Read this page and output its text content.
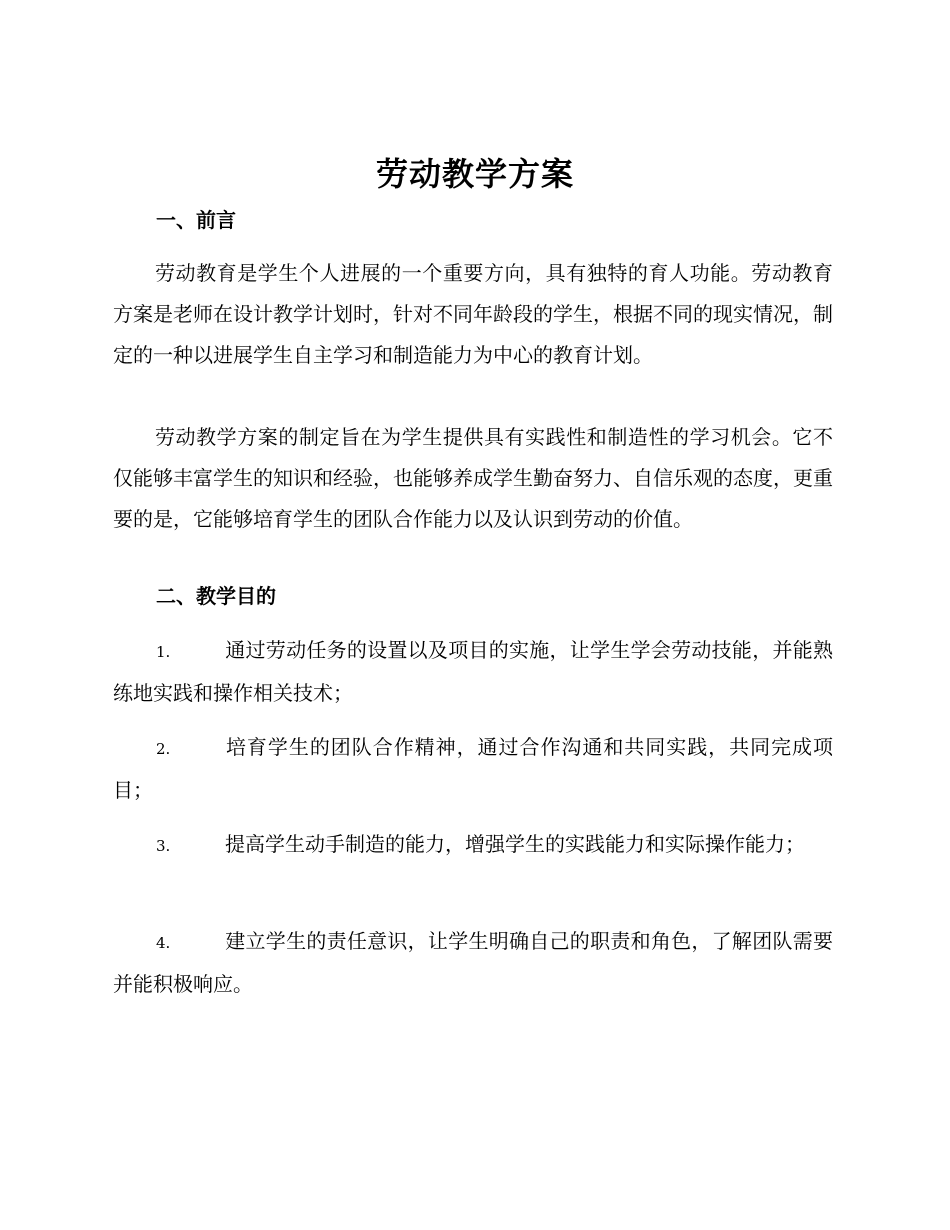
劳动教学方案
一、前言

劳动教育是学生个人进展的一个重要方向，具有独特的育人功能。劳动教育方案是老师在设计教学计划时，针对不同年龄段的学生，根据不同的现实情况，制定的一种以进展学生自主学习和制造能力为中心的教育计划。

劳动教学方案的制定旨在为学生提供具有实践性和制造性的学习机会。它不仅能够丰富学生的知识和经验，也能够养成学生勤奋努力、自信乐观的态度，更重要的是，它能够培育学生的团队合作能力以及认识到劳动的价值。

二、教学目的

1.	通过劳动任务的设置以及项目的实施，让学生学会劳动技能，并能熟练地实践和操作相关技术；

2.	培育学生的团队合作精神，通过合作沟通和共同实践，共同完成项目；

3.	提高学生动手制造的能力，增强学生的实践能力和实际操作能力；

4.	建立学生的责任意识，让学生明确自己的职责和角色，了解团队需要并能积极响应。
